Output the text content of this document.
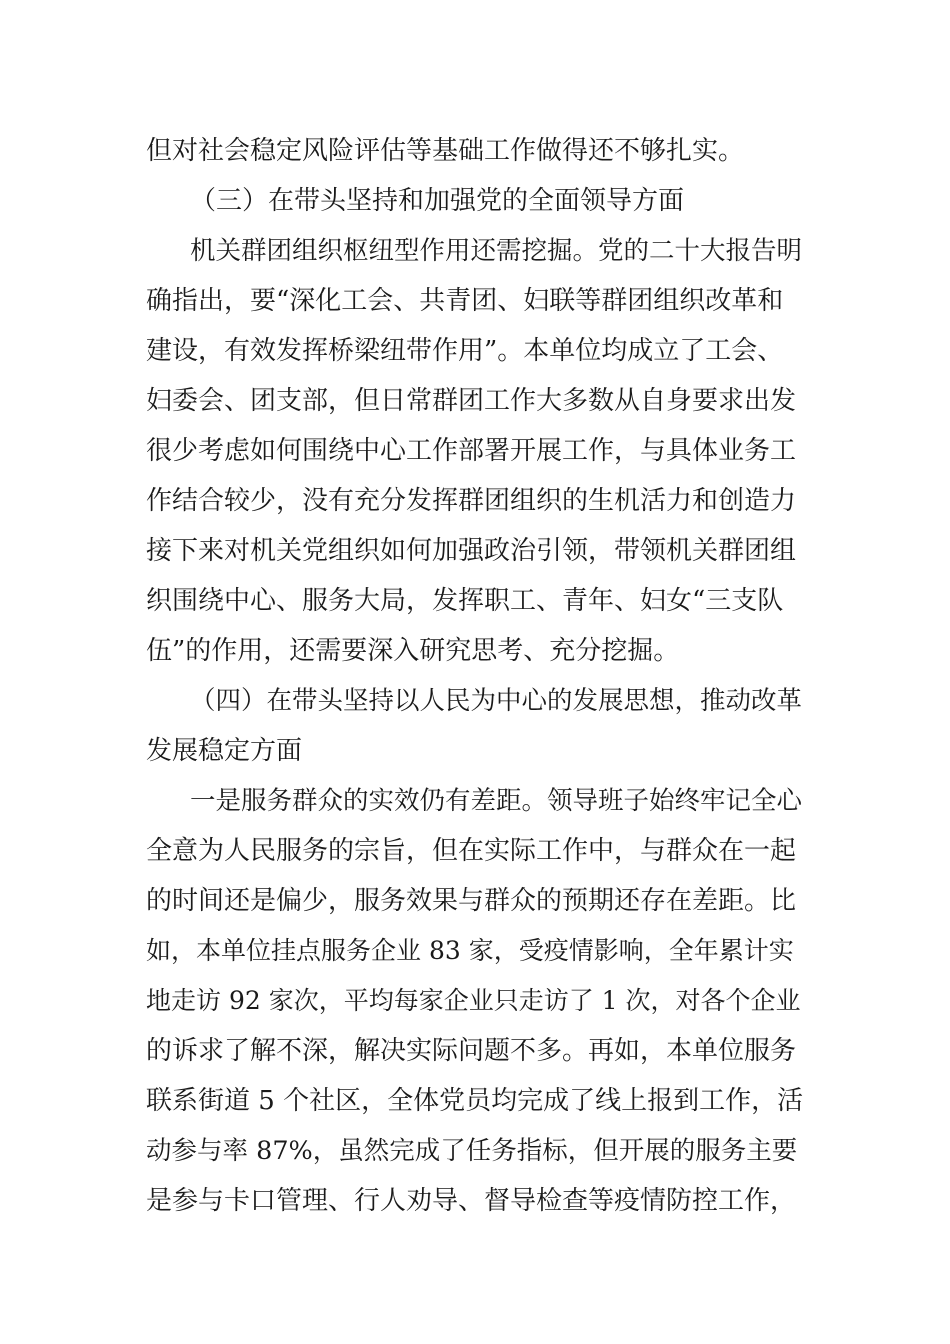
但对社会稳定风险评估等基础工作做得还不够扎实。
（三）在带头坚持和加强党的全面领导方面
机关群团组织枢纽型作用还需挖掘。党的二十大报告明
确指出，要“深化工会、共青团、妇联等群团组织改革和
建设，有效发挥桥梁纽带作用”。本单位均成立了工会、
妇委会、团支部，但日常群团工作大多数从自身要求出发
很少考虑如何围绕中心工作部署开展工作，与具体业务工
作结合较少，没有充分发挥群团组织的生机活力和创造力
接下来对机关党组织如何加强政治引领，带领机关群团组
织围绕中心、服务大局，发挥职工、青年、妇女“三支队
伍”的作用，还需要深入研究思考、充分挖掘。
（四）在带头坚持以人民为中心的发展思想，推动改革
发展稳定方面
一是服务群众的实效仍有差距。领导班子始终牢记全心
全意为人民服务的宗旨，但在实际工作中，与群众在一起
的时间还是偏少，服务效果与群众的预期还存在差距。比
如，本单位挂点服务企业 83 家，受疫情影响，全年累计实
地走访 92 家次，平均每家企业只走访了 1 次，对各个企业
的诉求了解不深，解决实际问题不多。再如，本单位服务
联系街道 5 个社区，全体党员均完成了线上报到工作，活
动参与率 87%，虽然完成了任务指标，但开展的服务主要
是参与卡口管理、行人劝导、督导检查等疫情防控工作，
